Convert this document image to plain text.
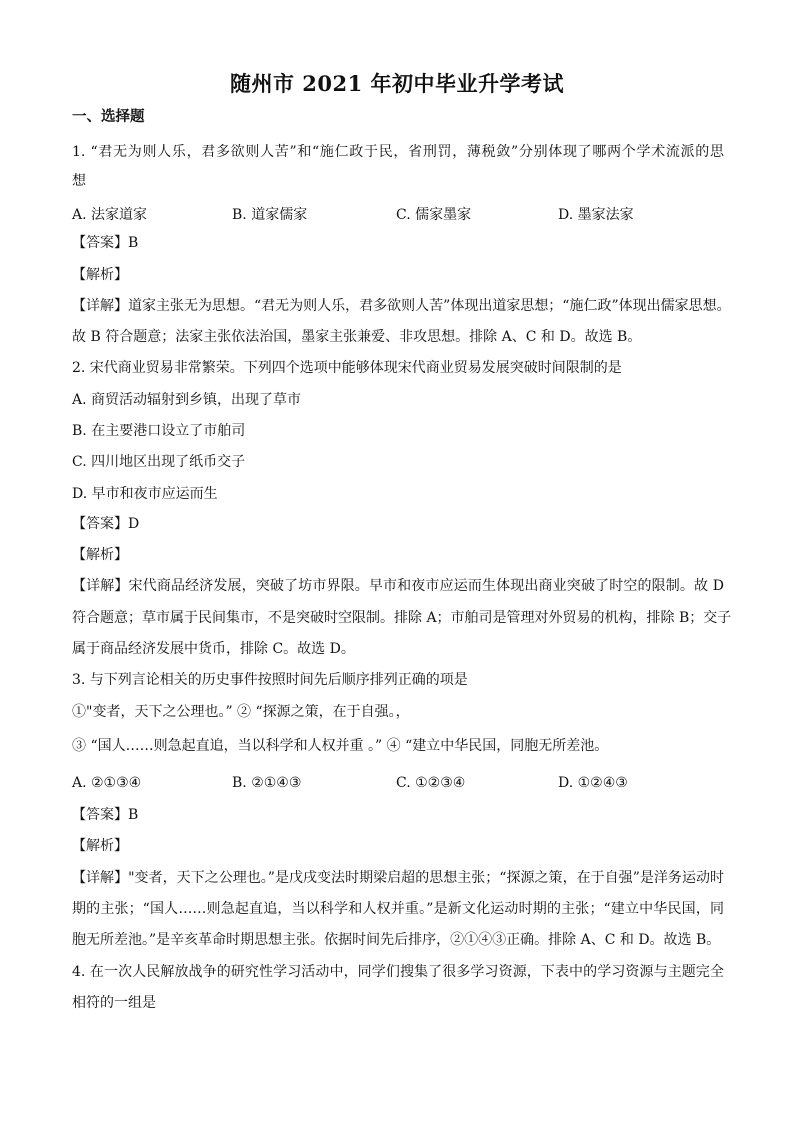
随州市 2021 年初中毕业升学考试
一、选择题
1. “君无为则人乐，君多欲则人苦”和“施仁政于民，省刑罚，薄税敛”分别体现了哪两个学术流派的思
想
A. 法家道家	B. 道家儒家	C. 儒家墨家	D. 墨家法家
【答案】B
【解析】
【详解】道家主张无为思想。“君无为则人乐，君多欲则人苦”体现出道家思想；“施仁政”体现出儒家思想。
故 B 符合题意；法家主张依法治国，墨家主张兼爱、非攻思想。排除 A、C 和 D。故选 B。
2. 宋代商业贸易非常繁荣。下列四个选项中能够体现宋代商业贸易发展突破时间限制的是
A. 商贸活动辐射到乡镇，出现了草市
B. 在主要港口设立了市舶司
C. 四川地区出现了纸币交子
D. 早市和夜市应运而生
【答案】D
【解析】
【详解】宋代商品经济发展，突破了坊市界限。早市和夜市应运而生体现出商业突破了时空的限制。故 D
符合题意；草市属于民间集市，不是突破时空限制。排除 A；市舶司是管理对外贸易的机构，排除 B；交子
属于商品经济发展中货币，排除 C。故选 D。
3. 与下列言论相关的历史事件按照时间先后顺序排列正确的项是
①"变者，天下之公理也。” ② “探源之策，在于自强。，
③ “国人……则急起直追，当以科学和人权并重 。” ④ “建立中华民国，同胞无所差池。
A. ②①③④	B. ②①④③	C. ①②③④	D. ①②④③
【答案】B
【解析】
【详解】"变者，天下之公理也。”是戊戌变法时期梁启超的思想主张；“探源之策，在于自强”是洋务运动时
期的主张；“国人……则急起直追，当以科学和人权并重。”是新文化运动时期的主张；“建立中华民国，同
胞无所差池。”是辛亥革命时期思想主张。依据时间先后排序，②①④③正确。排除 A、C 和 D。故选 B。
4. 在一次人民解放战争的研究性学习活动中，同学们搜集了很多学习资源，下表中的学习资源与主题完全
相符的一组是
